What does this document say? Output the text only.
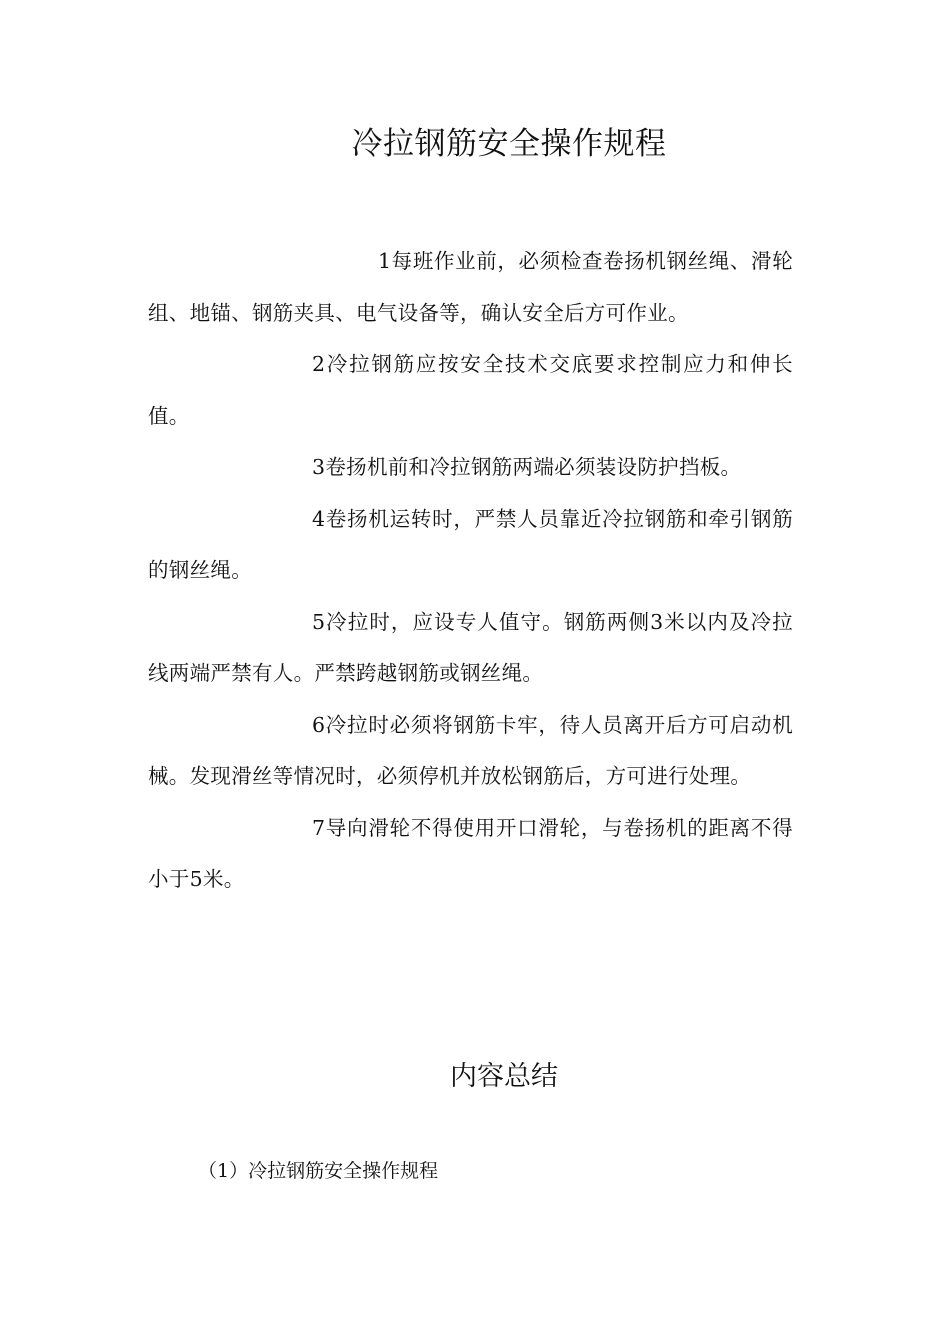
冷拉钢筋安全操作规程

1每班作业前，必须检查卷扬机钢丝绳、滑轮组、地锚、钢筋夹具、电气设备等，确认安全后方可作业。

2冷拉钢筋应按安全技术交底要求控制应力和伸长值。

3卷扬机前和冷拉钢筋两端必须装设防护挡板。

4卷扬机运转时，严禁人员靠近冷拉钢筋和牵引钢筋的钢丝绳。

5冷拉时，应设专人值守。钢筋两侧3米以内及冷拉线两端严禁有人。严禁跨越钢筋或钢丝绳。

6冷拉时必须将钢筋卡牢，待人员离开后方可启动机械。发现滑丝等情况时，必须停机并放松钢筋后，方可进行处理。

7导向滑轮不得使用开口滑轮，与卷扬机的距离不得小于5米。

内容总结

（1）冷拉钢筋安全操作规程
